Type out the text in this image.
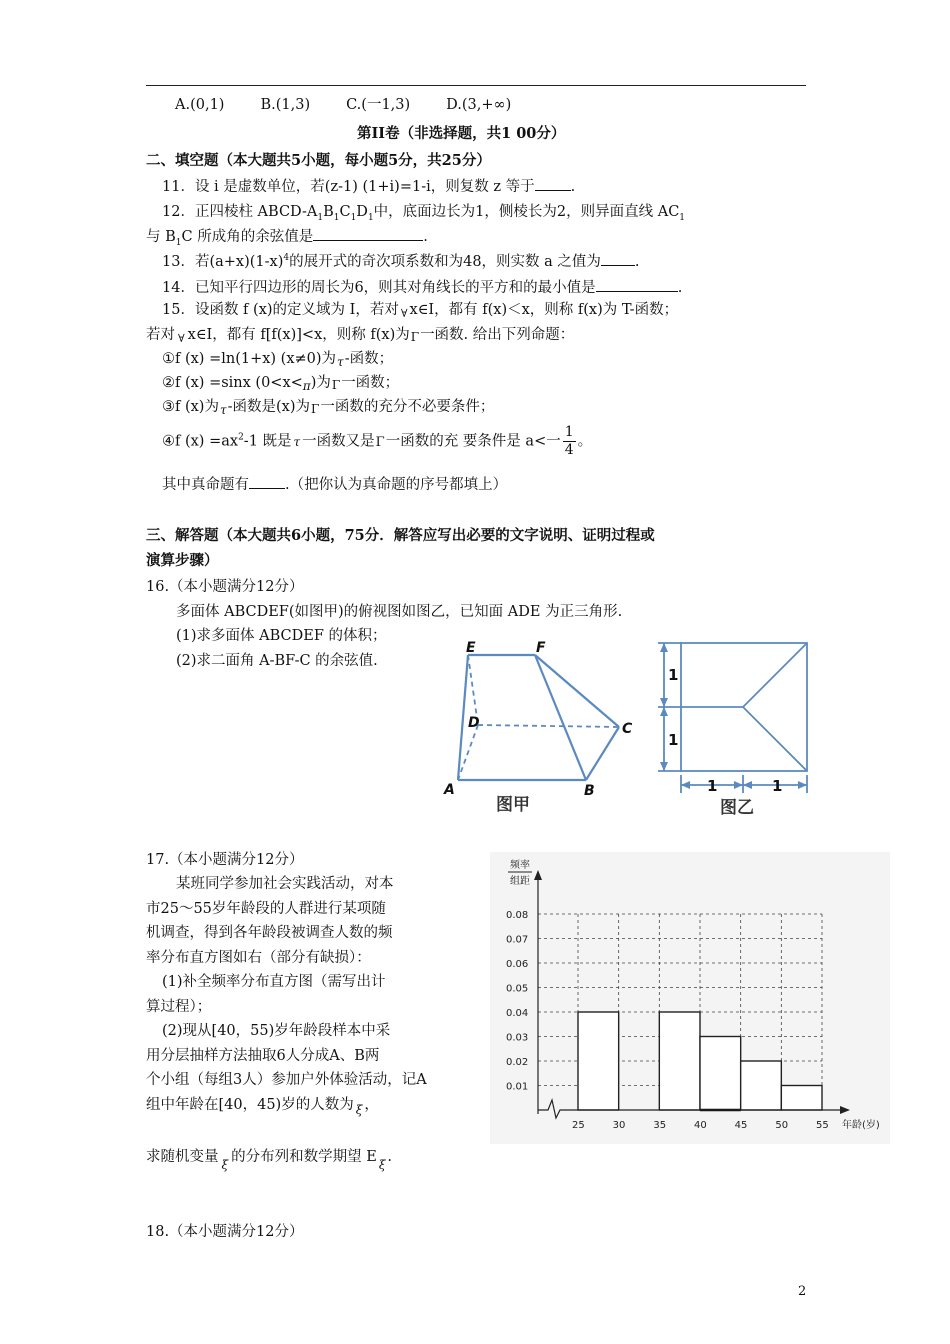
A.(0,1) B.(1,3) C.(一1,3) D.(3,+∞)
第II卷（非选择题，共1 00分）
二、填空题（本大题共5小题，每小题5分，共25分）
11．设 i 是虚数单位，若(z-1) (1+i)=1-i，则复数 z 等于 .
12．正四棱柱 ABCD-$A_1B_1C_1D_1$中，底面边长为1，侧棱长为2，则异面直线 $AC_1$
与 $B_1C$ 所成角的余弦值是	.
13．若$(a+x)(1-x)^4$的展开式的奇次项系数和为48，则实数 a 之值为 .
14．已知平行四边形的周长为6，则其对角线长的平方和的最小值是	.
15．设函数 f (x)的定义域为 I，若对 $_\forall$ x∈I，都有 f(x)＜x，则称 f(x)为 T-函数；
若对 $_\forall$ x∈I，都有 f[f(x)]<x，则称 f(x)为Γ一函数. 给出下列命题：
①f (x) =ln(1+x) (x≠0)为$_\tau$-函数；
②f (x) =sinx $(0<x<_\pi)$为Γ一函数；
③f (x)为$_\tau$-函数是(x)为Γ一函数的充分不必要条件；
④f $(x) =ax^2-1$ 既是 τ 一函数又是Γ一函数的充 要条件是 a<一 $\frac{1}{4}$ 。
其中真命题有 .（把你认为真命题的序号都填上）
三、解答题（本大题共6小题，75分．解答应写出必要的文字说明、证明过程或
演算步骤）
16.（本小题满分12分）
多面体 ABCDEF(如图甲)的俯视图如图乙，已知面 ADE 为正三角形.
(1)求多面体 ABCDEF 的体积；
(2)求二面角 A-BF-C 的余弦值.
E	F
D	C
A	B
图甲
1
1
1	1
图乙
17.（本小题满分12分）
某班同学参加社会实践活动，对本
市25～55岁年龄段的人群进行某项随
机调查，得到各年龄段被调查人数的频
率分布直方图如右（部分有缺损）：
(1)补全频率分布直方图（需写出计
算过程）；
(2)现从[40，55)岁年龄段样本中采
用分层抽样方法抽取6人分成A、B两
个小组（每组3人）参加户外体验活动，记A
组中年龄在[40，45)岁的人数为 $_\xi$ ，
求随机变量 $_\xi$ 的分布列和数学期望 E $_\xi$ .
频率
组距
年龄(岁)
0.01
0.02
0.03
0.04
0.05
0.06
0.07
0.08
25	30	35	40	45	50	55
18.（本小题满分12分）
2
